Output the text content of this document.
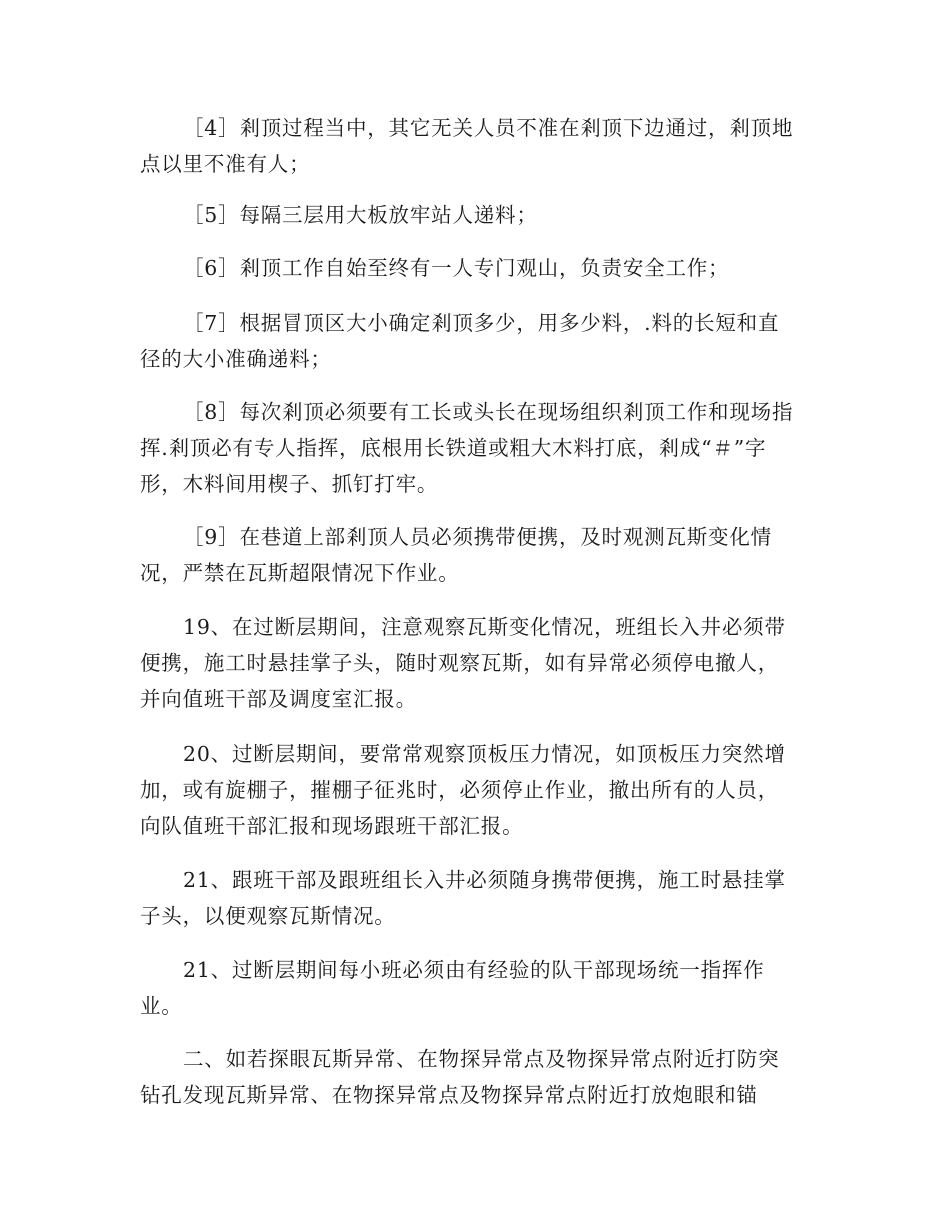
［4］剎顶过程当中，其它无关人员不准在剎顶下边通过，剎顶地
点以里不准有人；
［5］每隔三层用大板放牢站人递料；
［6］剎顶工作自始至终有一人专门观山，负责安全工作；
［7］根据冒顶区大小确定剎顶多少，用多少料，.料的长短和直
径的大小准确递料；
［8］每次剎顶必须要有工长或头长在现场组织剎顶工作和现场指
挥.剎顶必有专人指挥，底根用长铁道或粗大木料打底，剎成“＃”字
形，木料间用楔子、抓钉打牢。
［9］在巷道上部剎顶人员必须携带便携，及时观测瓦斯变化情
况，严禁在瓦斯超限情况下作业。
19、在过断层期间，注意观察瓦斯变化情况，班组长入井必须带
便携，施工时悬挂掌子头，随时观察瓦斯，如有异常必须停电撤人，
并向值班干部及调度室汇报。
20、过断层期间，要常常观察顶板压力情况，如顶板压力突然增
加，或有旋棚子，摧棚子征兆时，必须停止作业，撤出所有的人员，
向队值班干部汇报和现场跟班干部汇报。
21、跟班干部及跟班组长入井必须随身携带便携，施工时悬挂掌
子头，以便观察瓦斯情况。
21、过断层期间每小班必须由有经验的队干部现场统一指挥作
业。
二、如若探眼瓦斯异常、在物探异常点及物探异常点附近打防突
钻孔发现瓦斯异常、在物探异常点及物探异常点附近打放炮眼和锚
